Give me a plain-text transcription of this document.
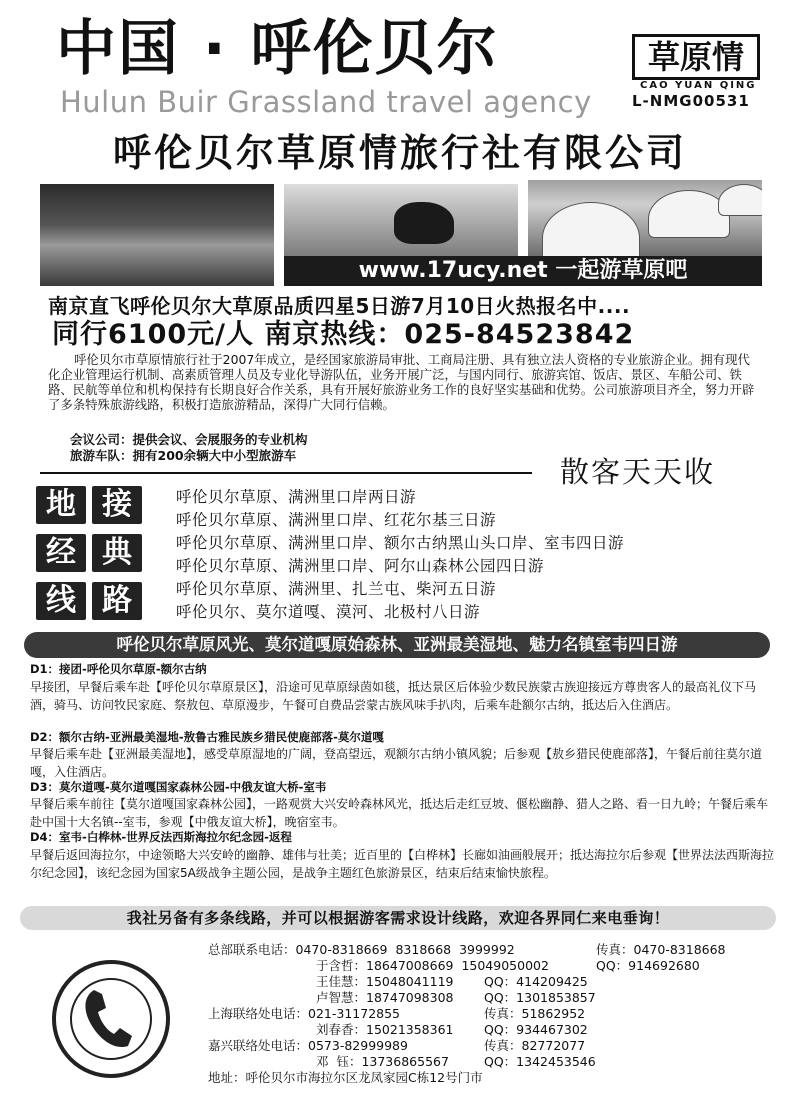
中国 · 呼伦贝尔
Hulun Buir Grassland travel agency
草原情
CAO YUAN QING
L-NMG00531
呼伦贝尔草原情旅行社有限公司
www.17ucy.net 一起游草原吧
南京直飞呼伦贝尔大草原品质四星5日游7月10日火热报名中....
同行6100元/人 南京热线：025-84523842
呼伦贝尔市草原情旅行社于2007年成立，是经国家旅游局审批、工商局注册、具有独立法人资格的专业旅游企业。拥有现代化企业管理运行机制、高素质管理人员及专业化导游队伍，业务开展广泛，与国内同行、旅游宾馆、饭店、景区、车船公司、铁路、民航等单位和机构保持有长期良好合作关系，具有开展好旅游业务工作的良好坚实基础和优势。公司旅游项目齐全，努力开辟了多条特殊旅游线路，积极打造旅游精品，深得广大同行信赖。
会议公司：提供会议、会展服务的专业机构
旅游车队：拥有200余辆大中小型旅游车	散客天天收
地 接
经 典
线 路
呼伦贝尔草原、满洲里口岸两日游
呼伦贝尔草原、满洲里口岸、红花尔基三日游
呼伦贝尔草原、满洲里口岸、额尔古纳黑山头口岸、室韦四日游
呼伦贝尔草原、满洲里口岸、阿尔山森林公园四日游
呼伦贝尔草原、满洲里、扎兰屯、柴河五日游
呼伦贝尔、莫尔道嘎、漠河、北极村八日游
呼伦贝尔草原风光、莫尔道嘎原始森林、亚洲最美湿地、魅力名镇室韦四日游
D1：接团-呼伦贝尔草原-额尔古纳
早接团，早餐后乘车赴【呼伦贝尔草原景区】，沿途可见草原绿茵如毯，抵达景区后体验少数民族蒙古族迎接远方尊贵客人的最高礼仪下马酒，骑马、访问牧民家庭、祭敖包、草原漫步，午餐可自费品尝蒙古族风味手扒肉，后乘车赴额尔古纳，抵达后入住酒店。
D2：额尔古纳-亚洲最美湿地-敖鲁古雅民族乡猎民使鹿部落-莫尔道嘎
早餐后乘车赴【亚洲最美湿地】，感受草原湿地的广阔，登高望远，观额尔古纳小镇风貌；后参观【敖乡猎民使鹿部落】，午餐后前往莫尔道嘎，入住酒店。
D3：莫尔道嘎-莫尔道嘎国家森林公园-中俄友谊大桥-室韦
早餐后乘车前往【莫尔道嘎国家森林公园】，一路观赏大兴安岭森林风光，抵达后走红豆坡、偃松幽静、猎人之路、看一日九岭；午餐后乘车赴中国十大名镇--室韦，参观【中俄友谊大桥】，晚宿室韦。
D4：室韦-白桦林-世界反法西斯海拉尔纪念园-返程
早餐后返回海拉尔，中途领略大兴安岭的幽静、雄伟与壮美；近百里的【白桦林】长廊如油画般展开；抵达海拉尔后参观【世界法法西斯海拉尔纪念园】，该纪念园为国家5A级战争主题公园，是战争主题红色旅游景区，结束后结束愉快旅程。
我社另备有多条线路，并可以根据游客需求设计线路，欢迎各界同仁来电垂询！
总部联系电话：0470-8318669  8318668  3999992	传真：0470-8318668
于含哲：18647008669  15049050002	QQ：914692680
王佳慧：15048041119 QQ：414209425
卢智慧：18747098308 QQ：1301853857
上海联络处电话：021-31172855	传真：51862952
刘春香：15021358361 QQ：934467302
嘉兴联络处电话：0573-82999989	传真：82772077
邓  钰：13736865567	QQ：1342453546
地址：呼伦贝尔市海拉尔区龙凤家园C栋12号门市
